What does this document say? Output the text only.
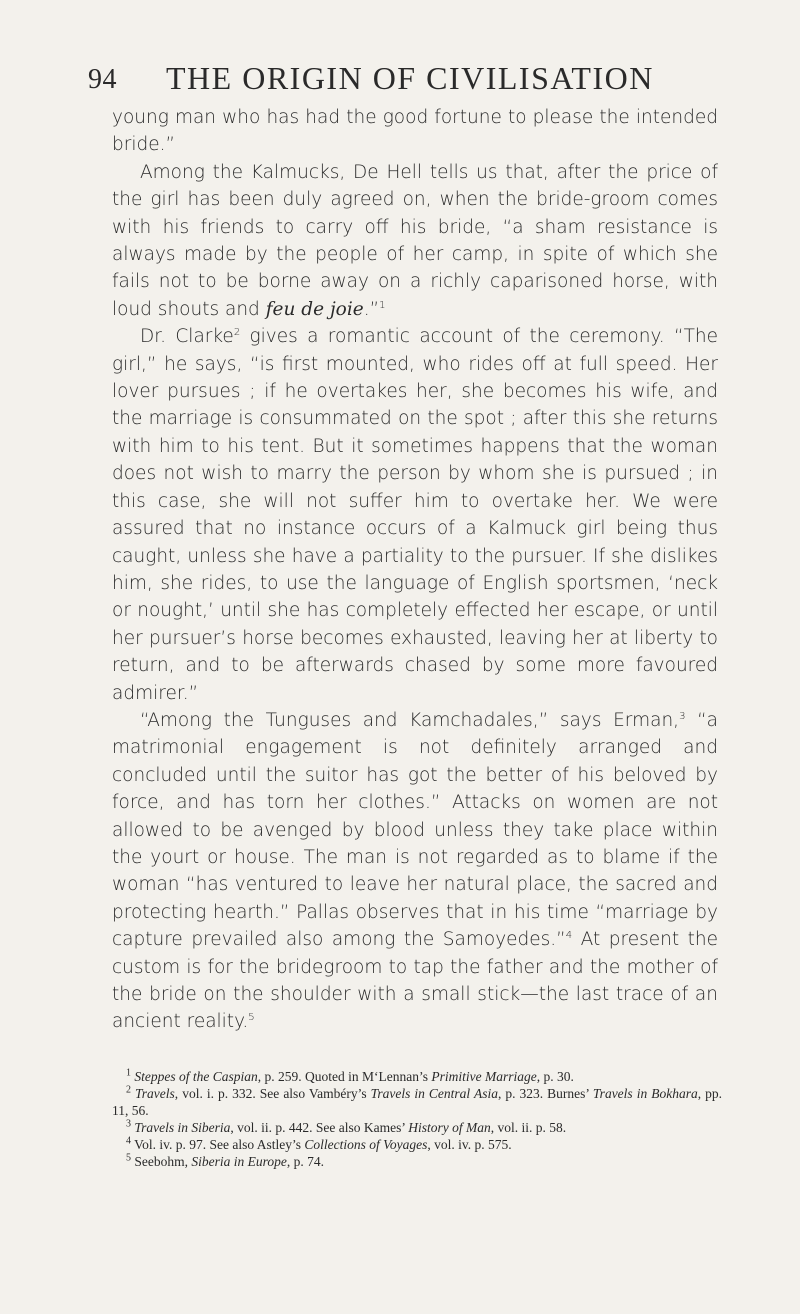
94 THE ORIGIN OF CIVILISATION

young man who has had the good fortune to please the intended bride.”

Among the Kalmucks, De Hell tells us that, after the price of the girl has been duly agreed on, when the bride-groom comes with his friends to carry off his bride, “a sham resistance is always made by the people of her camp, in spite of which she fails not to be borne away on a richly caparisoned horse, with loud shouts and feu de joie.”$^1$

Dr. Clarke$^2$ gives a romantic account of the ceremony. “The girl,” he says, “is first mounted, who rides off at full speed. Her lover pursues ; if he overtakes her, she becomes his wife, and the marriage is consummated on the spot ; after this she returns with him to his tent. But it sometimes happens that the woman does not wish to marry the person by whom she is pursued ; in this case, she will not suffer him to overtake her. We were assured that no instance occurs of a Kalmuck girl being thus caught, unless she have a partiality to the pursuer. If she dislikes him, she rides, to use the language of English sportsmen, ‘neck or nought,’ until she has completely effected her escape, or until her pursuer’s horse becomes exhausted, leaving her at liberty to return, and to be afterwards chased by some more favoured admirer.”

“Among the Tunguses and Kamchadales,” says Erman,$^3$ “a matrimonial engagement is not definitely arranged and concluded until the suitor has got the better of his beloved by force, and has torn her clothes.” Attacks on women are not allowed to be avenged by blood unless they take place within the yourt or house. The man is not regarded as to blame if the woman “has ventured to leave her natural place, the sacred and protecting hearth.” Pallas observes that in his time “marriage by capture prevailed also among the Samoyedes.”$^4$ At present the custom is for the bridegroom to tap the father and the mother of the bride on the shoulder with a small stick—the last trace of an ancient reality.$^5$

$^1$ Steppes of the Caspian, p. 259. Quoted in M‘Lennan’s Primitive Marriage, p. 30.

$^2$ Travels, vol. i. p. 332. See also Vambéry’s Travels in Central Asia, p. 323. Burnes’ Travels in Bokhara, pp. 11, 56.

$^3$ Travels in Siberia, vol. ii. p. 442. See also Kames’ History of Man, vol. ii. p. 58.

$^4$ Vol. iv. p. 97. See also Astley’s Collections of Voyages, vol. iv. p. 575.

$^5$ Seebohm, Siberia in Europe, p. 74.
